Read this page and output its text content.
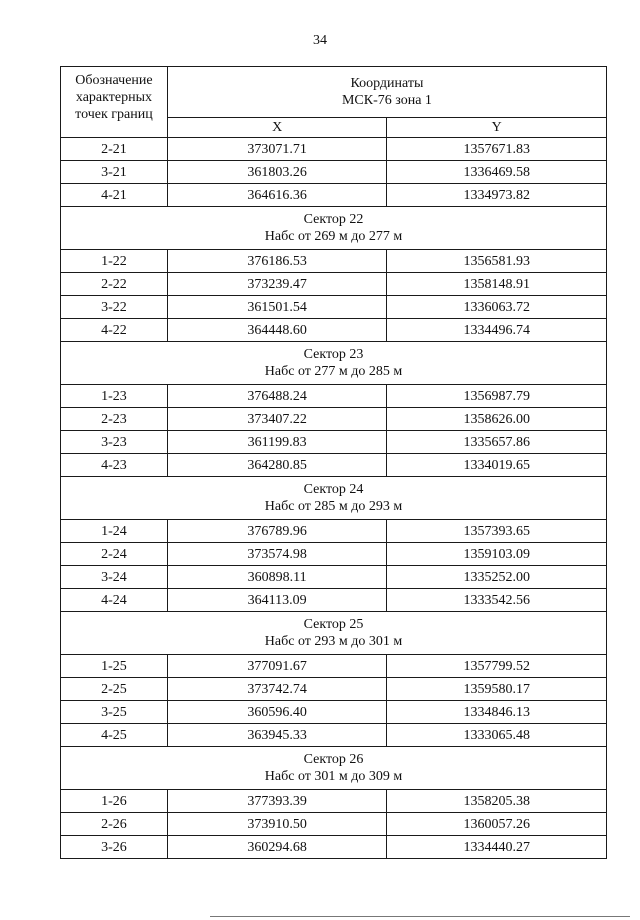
34
Обозначение характерных точек границ	Координаты
МСК-76 зона 1	

	X	Y
2-21	373071.71	1357671.83
3-21	361803.26	1336469.58
4-21	364616.36	1334973.82

Сектор 22
Набс от 269 м до 277 м		

1-22	376186.53	1356581.93
2-22	373239.47	1358148.91
3-22	361501.54	1336063.72
4-22	364448.60	1334496.74

Сектор 23
Набс от 277 м до 285 м		

1-23	376488.24	1356987.79
2-23	373407.22	1358626.00
3-23	361199.83	1335657.86
4-23	364280.85	1334019.65

Сектор 24
Набс от 285 м до 293 м		

1-24	376789.96	1357393.65
2-24	373574.98	1359103.09
3-24	360898.11	1335252.00
4-24	364113.09	1333542.56

Сектор 25
Набс от 293 м до 301 м		

1-25	377091.67	1357799.52
2-25	373742.74	1359580.17
3-25	360596.40	1334846.13
4-25	363945.33	1333065.48

Сектор 26
Набс от 301 м до 309 м		

1-26	377393.39	1358205.38
2-26	373910.50	1360057.26
3-26	360294.68	1334440.27
